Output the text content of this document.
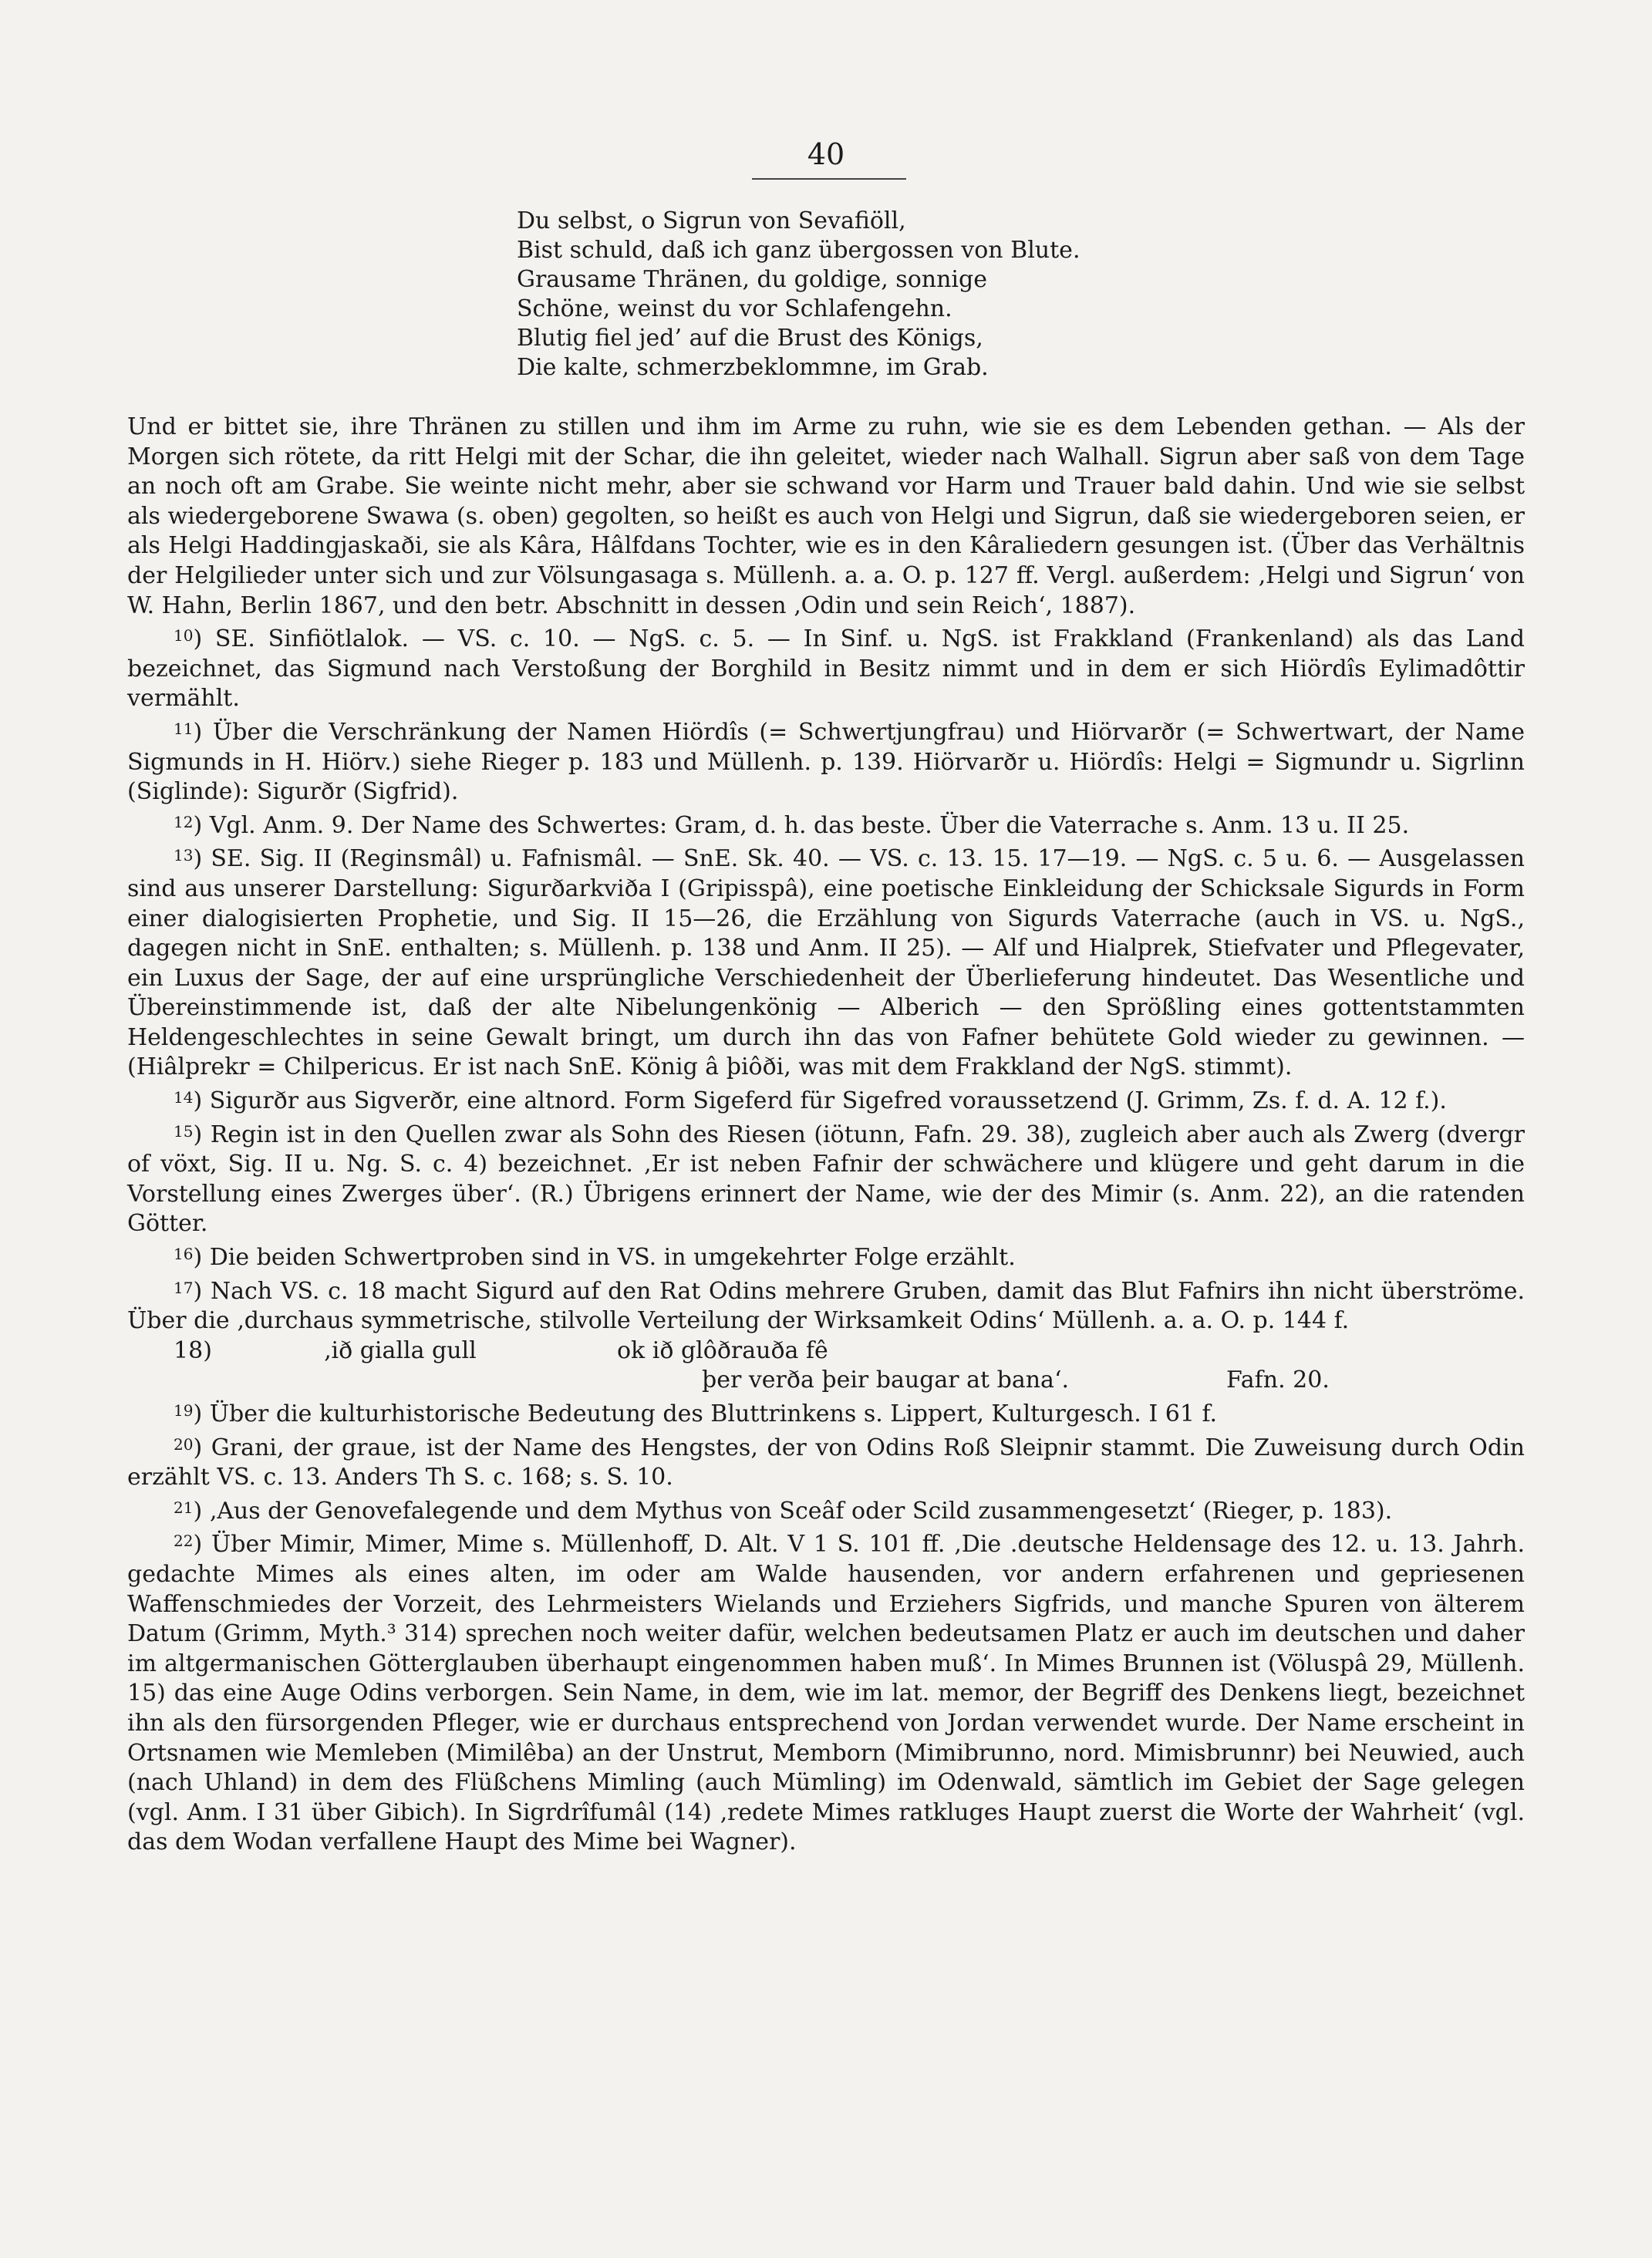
40
Du selbst, o Sigrun von Sevafiöll,
Bist schuld, daß ich ganz übergossen von Blute.
Grausame Thränen, du goldige, sonnige
Schöne, weinst du vor Schlafengehn.
Blutig fiel jed’ auf die Brust des Königs,
Die kalte, schmerzbeklommne, im Grab.

Und er bittet sie, ihre Thränen zu stillen und ihm im Arme zu ruhn, wie sie es dem Lebenden gethan. — Als der Morgen sich rötete, da ritt Helgi mit der Schar, die ihn geleitet, wieder nach Walhall. Sigrun aber saß von dem Tage an noch oft am Grabe. Sie weinte nicht mehr, aber sie schwand vor Harm und Trauer bald dahin. Und wie sie selbst als wiedergeborene Swawa (s. oben) gegolten, so heißt es auch von Helgi und Sigrun, daß sie wiedergeboren seien, er als Helgi Haddingjaskaði, sie als Kâra, Hâlfdans Tochter, wie es in den Kâraliedern gesungen ist. (Über das Verhältnis der Helgilieder unter sich und zur Völsungasaga s. Müllenh. a. a. O. p. 127 ff. Vergl. außerdem: ‚Helgi und Sigrun‘ von W. Hahn, Berlin 1867, und den betr. Abschnitt in dessen ‚Odin und sein Reich‘, 1887).

$^{10}$) SE. Sinfiötlalok. — VS. c. 10. — NgS. c. 5. — In Sinf. u. NgS. ist Frakkland (Frankenland) als das Land bezeichnet, das Sigmund nach Verstoßung der Borghild in Besitz nimmt und in dem er sich Hiördîs Eylimadôttir vermählt.

$^{11}$) Über die Verschränkung der Namen Hiördîs (= Schwertjungfrau) und Hiörvarðr (= Schwertwart, der Name Sigmunds in H. Hiörv.) siehe Rieger p. 183 und Müllenh. p. 139. Hiörvarðr u. Hiördîs: Helgi = Sigmundr u. Sigrlinn (Siglinde): Sigurðr (Sigfrid).

$^{12}$) Vgl. Anm. 9. Der Name des Schwertes: Gram, d. h. das beste. Über die Vaterrache s. Anm. 13 u. II 25.

$^{13}$) SE. Sig. II (Reginsmâl) u. Fafnismâl. — SnE. Sk. 40. — VS. c. 13. 15. 17—19. — NgS. c. 5 u. 6. — Ausgelassen sind aus unserer Darstellung: Sigurðarkviða I (Gripisspâ), eine poetische Einkleidung der Schicksale Sigurds in Form einer dialogisierten Prophetie, und Sig. II 15—26, die Erzählung von Sigurds Vaterrache (auch in VS. u. NgS., dagegen nicht in SnE. enthalten; s. Müllenh. p. 138 und Anm. II 25). — Alf und Hialprek, Stiefvater und Pflegevater, ein Luxus der Sage, der auf eine ursprüngliche Verschiedenheit der Überlieferung hindeutet. Das Wesentliche und Übereinstimmende ist, daß der alte Nibelungenkönig — Alberich — den Sprößling eines gottentstammten Heldengeschlechtes in seine Gewalt bringt, um durch ihn das von Fafner behütete Gold wieder zu gewinnen. — (Hiâlprekr = Chilpericus. Er ist nach SnE. König â þiôði, was mit dem Frakkland der NgS. stimmt).

$^{14}$) Sigurðr aus Sigverðr, eine altnord. Form Sigeferd für Sigefred voraussetzend (J. Grimm, Zs. f. d. A. 12 f.).

$^{15}$) Regin ist in den Quellen zwar als Sohn des Riesen (iötunn, Fafn. 29. 38), zugleich aber auch als Zwerg (dvergr of vöxt, Sig. II u. Ng. S. c. 4) bezeichnet. ‚Er ist neben Fafnir der schwächere und klügere und geht darum in die Vorstellung eines Zwerges über‘. (R.) Übrigens erinnert der Name, wie der des Mimir (s. Anm. 22), an die ratenden Götter.

$^{16}$) Die beiden Schwertproben sind in VS. in umgekehrter Folge erzählt.

$^{17}$) Nach VS. c. 18 macht Sigurd auf den Rat Odins mehrere Gruben, damit das Blut Fafnirs ihn nicht überströme. Über die ‚durchaus symmetrische, stilvolle Verteilung der Wirksamkeit Odins‘ Müllenh. a. a. O. p. 144 f.

18)	‚ið gialla gull	ok ið glôðrauða fê
þer verða þeir baugar at bana‘.	Fafn. 20.

$^{19}$) Über die kulturhistorische Bedeutung des Bluttrinkens s. Lippert, Kulturgesch. I 61 f.

$^{20}$) Grani, der graue, ist der Name des Hengstes, der von Odins Roß Sleipnir stammt. Die Zuweisung durch Odin erzählt VS. c. 13. Anders Th S. c. 168; s. S. 10.

$^{21}$) ‚Aus der Genovefalegende und dem Mythus von Sceâf oder Scild zusammengesetzt‘ (Rieger, p. 183).

$^{22}$) Über Mimir, Mimer, Mime s. Müllenhoff, D. Alt. V 1 S. 101 ff. ‚Die .deutsche Heldensage des 12. u. 13. Jahrh. gedachte Mimes als eines alten, im oder am Walde hausenden, vor andern erfahrenen und gepriesenen Waffenschmiedes der Vorzeit, des Lehrmeisters Wielands und Erziehers Sigfrids, und manche Spuren von älterem Datum (Grimm, Myth.³ 314) sprechen noch weiter dafür, welchen bedeutsamen Platz er auch im deutschen und daher im altgermanischen Götterglauben überhaupt eingenommen haben muß‘. In Mimes Brunnen ist (Völuspâ 29, Müllenh. 15) das eine Auge Odins verborgen. Sein Name, in dem, wie im lat. memor, der Begriff des Denkens liegt, bezeichnet ihn als den fürsorgenden Pfleger, wie er durchaus entsprechend von Jordan verwendet wurde. Der Name erscheint in Ortsnamen wie Memleben (Mimilêba) an der Unstrut, Memborn (Mimibrunno, nord. Mimisbrunnr) bei Neuwied, auch (nach Uhland) in dem des Flüßchens Mimling (auch Mümling) im Odenwald, sämtlich im Gebiet der Sage gelegen (vgl. Anm. I 31 über Gibich). In Sigrdrîfumâl (14) ‚redete Mimes ratkluges Haupt zuerst die Worte der Wahrheit‘ (vgl. das dem Wodan verfallene Haupt des Mime bei Wagner).
